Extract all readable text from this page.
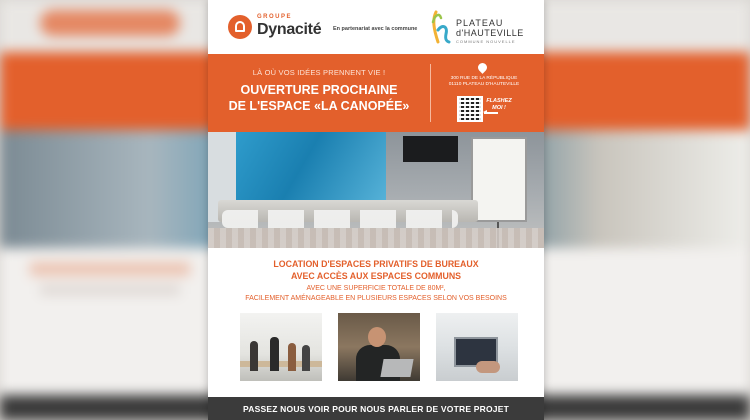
GROUPE
Dynacité En partenariat avec la commune
PLATEAU
d'HAUTEVILLE
COMMUNE NOUVELLE
LÀ OÙ VOS IDÉES PRENNENT VIE !
OUVERTURE PROCHAINE
DE L'ESPACE «LA CANOPÉE»
300 RUE DE LA RÉPUBLIQUE
01110 PLATEAU D'HAUTEVILLE
FLASHEZ
MOI !
LOCATION D'ESPACES PRIVATIFS DE BUREAUX
AVEC ACCÈS AUX ESPACES COMMUNS
AVEC UNE SUPERFICIE TOTALE DE 80M²,
FACILEMENT AMÉNAGEABLE EN PLUSIEURS ESPACES SELON VOS BESOINS
PASSEZ NOUS VOIR POUR NOUS PARLER DE VOTRE PROJET
